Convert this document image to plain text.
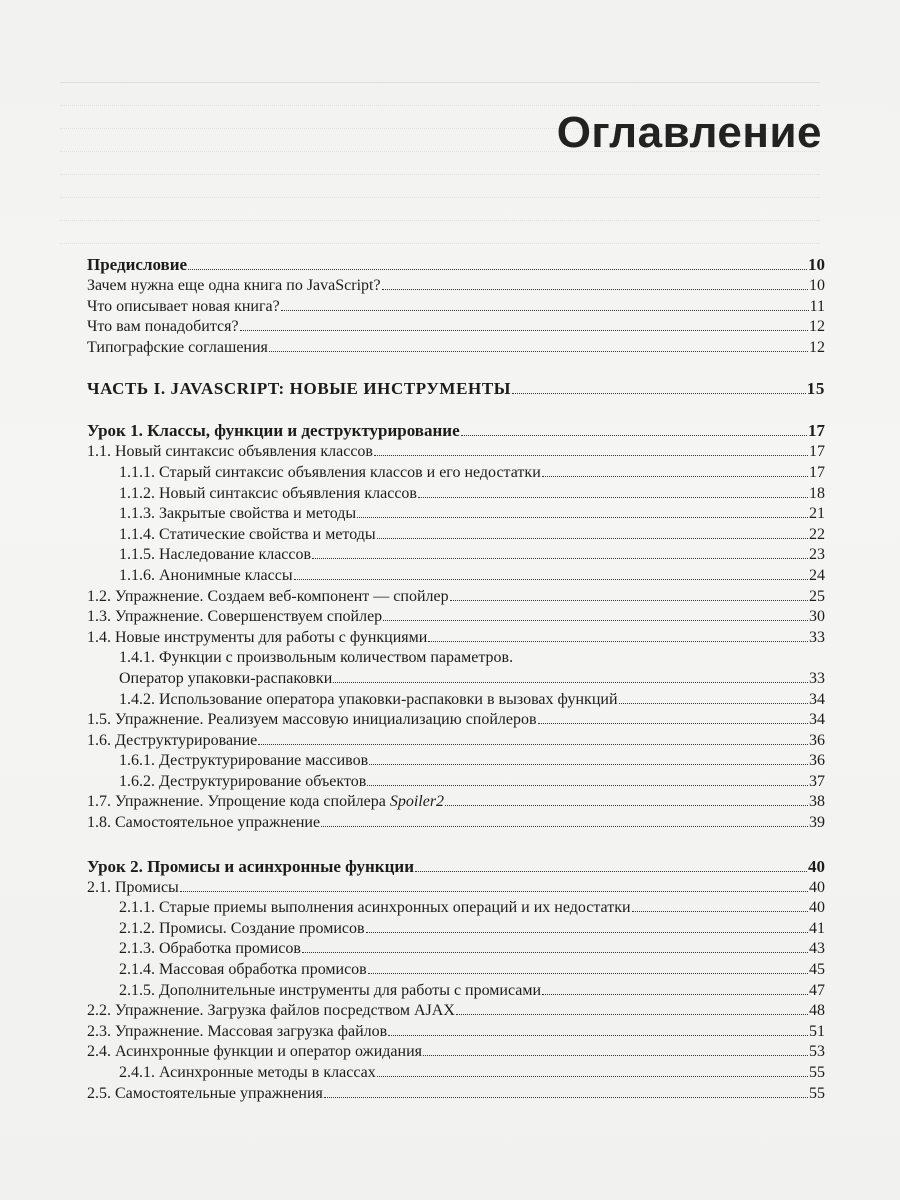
Оглавление
Предисловие	10
Зачем нужна еще одна книга по JavaScript?	10
Что описывает новая книга?	11
Что вам понадобится?	12
Типографские соглашения	12
ЧАСТЬ I. JAVASCRIPT: НОВЫЕ ИНСТРУМЕНТЫ	15
Урок 1. Классы, функции и деструктурирование	17
1.1. Новый синтаксис объявления классов	17
1.1.1. Старый синтаксис объявления классов и его недостатки	17
1.1.2. Новый синтаксис объявления классов	18
1.1.3. Закрытые свойства и методы	21
1.1.4. Статические свойства и методы	22
1.1.5. Наследование классов	23
1.1.6. Анонимные классы	24
1.2. Упражнение. Создаем веб-компонент — спойлер	25
1.3. Упражнение. Совершенствуем спойлер	30
1.4. Новые инструменты для работы с функциями	33
1.4.1. Функции с произвольным количеством параметров.
Оператор упаковки-распаковки	33
1.4.2. Использование оператора упаковки-распаковки в вызовах функций	34
1.5. Упражнение. Реализуем массовую инициализацию спойлеров	34
1.6. Деструктурирование	36
1.6.1. Деструктурирование массивов	36
1.6.2. Деструктурирование объектов	37
1.7. Упражнение. Упрощение кода спойлера Spoiler2	38
1.8. Самостоятельное упражнение	39
Урок 2. Промисы и асинхронные функции	40
2.1. Промисы	40
2.1.1. Старые приемы выполнения асинхронных операций и их недостатки	40
2.1.2. Промисы. Создание промисов	41
2.1.3. Обработка промисов	43
2.1.4. Массовая обработка промисов	45
2.1.5. Дополнительные инструменты для работы с промисами	47
2.2. Упражнение. Загрузка файлов посредством AJAX	48
2.3. Упражнение. Массовая загрузка файлов	51
2.4. Асинхронные функции и оператор ожидания	53
2.4.1. Асинхронные методы в классах	55
2.5. Самостоятельные упражнения	55
